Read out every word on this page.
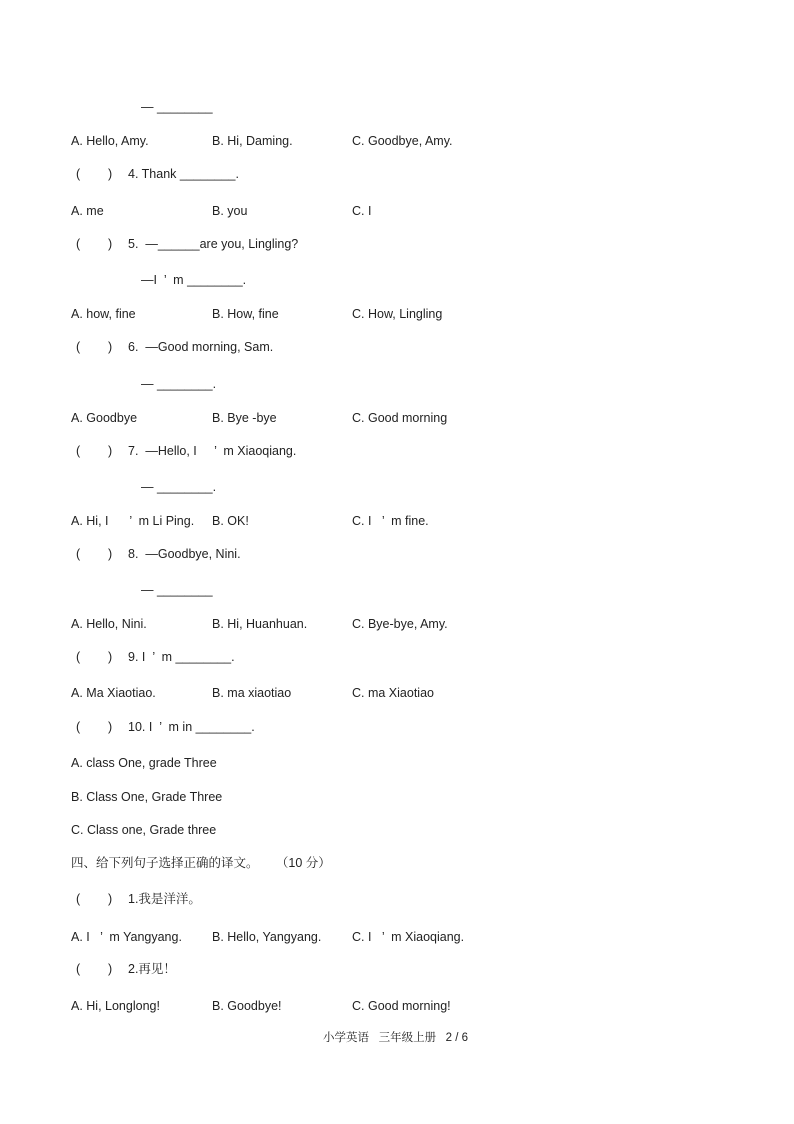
— ________
A. Hello, Amy.	B. Hi, Daming.	C. Goodbye, Amy.
(        ) 4. Thank ________.
A. me	B. you	C. I
(        ) 5.  —______are you, Lingling?
—I  ’  m ________.
A. how, fine	B. How, fine	C. How, Lingling
(        ) 6.  —Good morning, Sam.
— ________.
A. Goodbye	B. Bye -bye	C. Good morning
(        ) 7.  —Hello, I     ’  m Xiaoqiang.
— ________.
A. Hi, I      ’  m Li Ping. B. OK!	C. I   ’  m fine.
(        ) 8.  —Goodbye, Nini.
— ________
A. Hello, Nini.	B. Hi, Huanhuan.	C. Bye-bye, Amy.
(        ) 9. I  ’  m ________.
A. Ma Xiaotiao.	B. ma xiaotiao	C. ma Xiaotiao
(        ) 10. I  ’  m in ________.
A. class One, grade Three
B. Class One, Grade Three
C. Class one, Grade three
四、给下列句子选择正确的译文。     （10 分）
(        ) 1.我是洋洋。
A. I   ’  m Yangyang. B. Hello, Yangyang. C. I   ’  m Xiaoqiang.
(        ) 2.再见！
A. Hi, Longlong!	B. Goodbye!	C. Good morning!
小学英语   三年级上册   2 / 6
